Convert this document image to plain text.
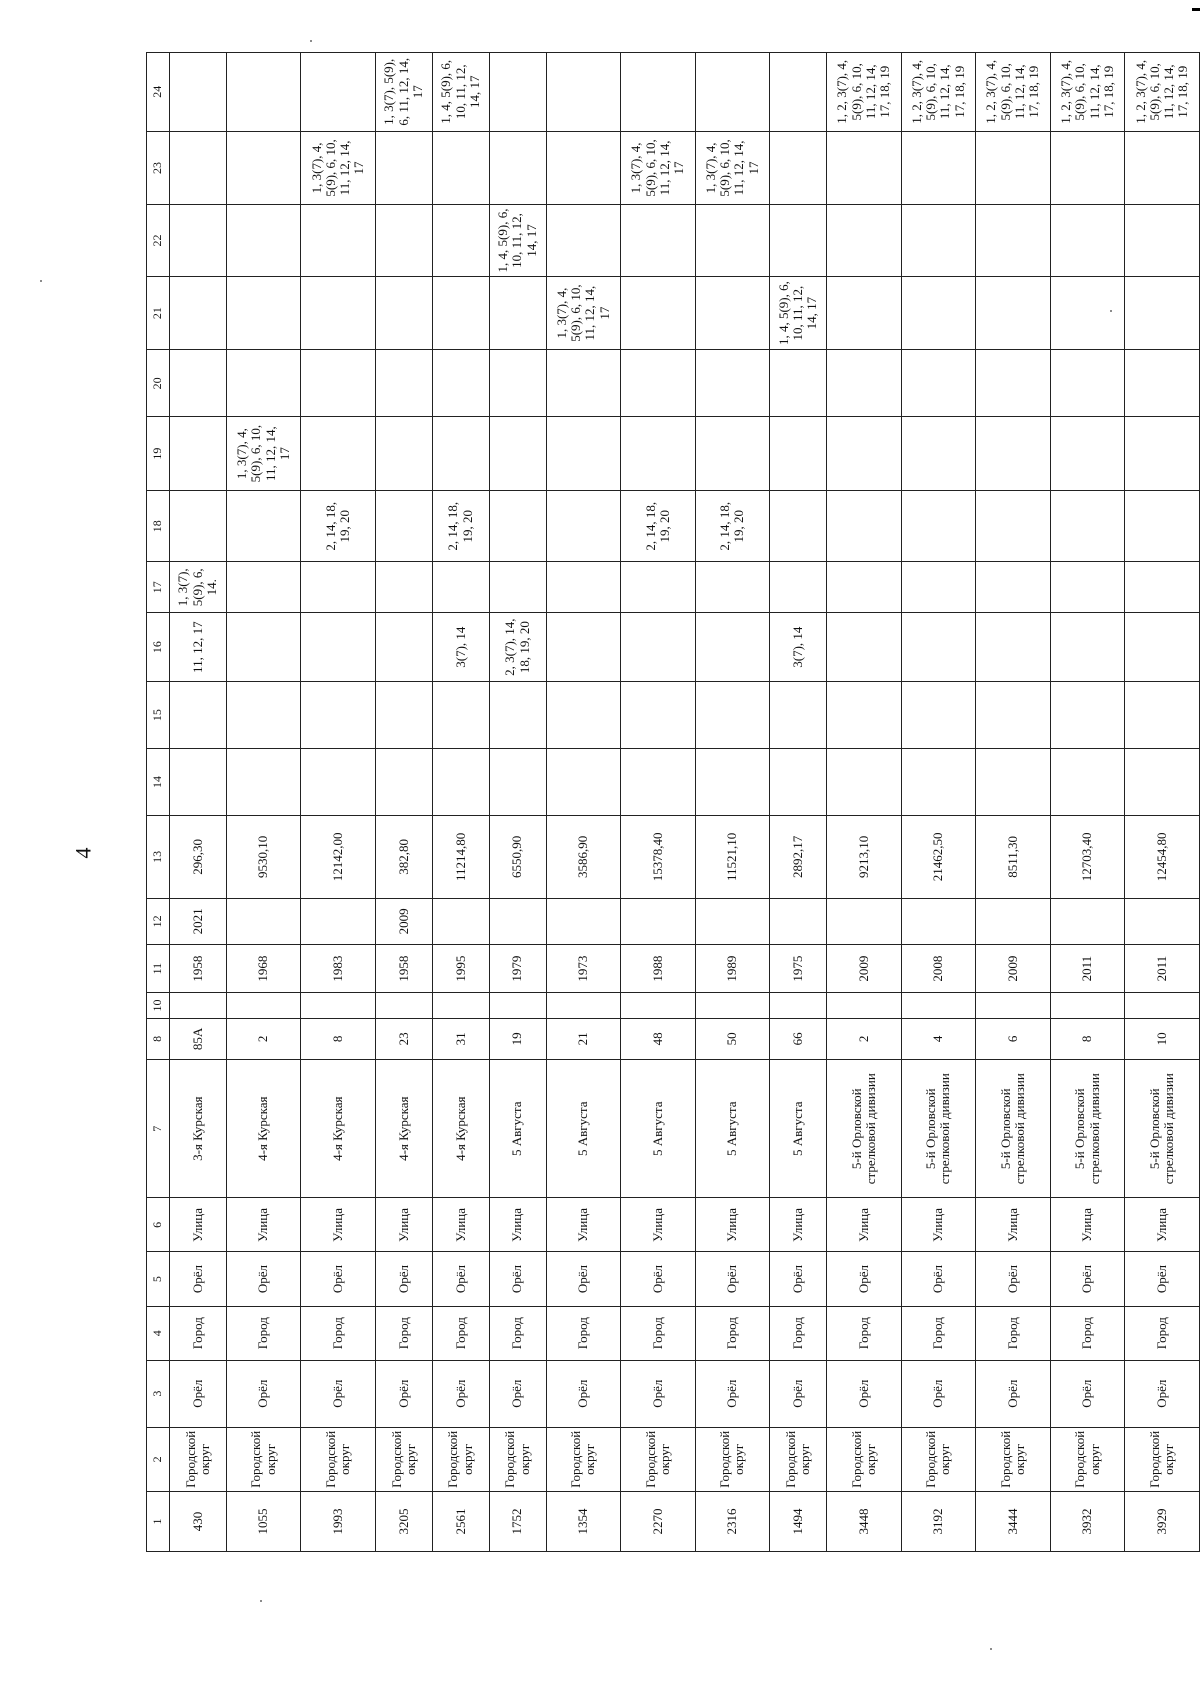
4
1	2	3	4	5	6	7	8	10	11	12	13	14	15	16	17	18	19	20	21	22	23	24
430	Городской округ	Орёл	Город	Орёл	Улица	3-я Курская	85А		1958	2021	296,30			11, 12, 17	1, 3(7), 5(9), 6, 14.							
1055	Городской округ	Орёл	Город	Орёл	Улица	4-я Курская	2		1968		9530,10						1, 3(7), 4, 5(9), 6, 10, 11, 12, 14, 17					
1993	Городской округ	Орёл	Город	Орёл	Улица	4-я Курская	8		1983		12142,00					2, 14, 18, 19, 20					1, 3(7), 4, 5(9), 6, 10, 11, 12, 14, 17	
3205	Городской округ	Орёл	Город	Орёл	Улица	4-я Курская	23		1958	2009	382,80											1, 3(7), 5(9), 6, 11, 12, 14, 17
2561	Городской округ	Орёл	Город	Орёл	Улица	4-я Курская	31		1995		11214,80			3(7), 14		2, 14, 18, 19, 20						1, 4, 5(9), 6, 10, 11, 12, 14, 17
1752	Городской округ	Орёл	Город	Орёл	Улица	5 Августа	19		1979		6550,90			2, 3(7), 14, 18, 19, 20						1, 4, 5(9), 6, 10, 11, 12, 14, 17		
1354	Городской округ	Орёл	Город	Орёл	Улица	5 Августа	21		1973		3586,90								1, 3(7), 4, 5(9), 6, 10, 11, 12, 14, 17			
2270	Городской округ	Орёл	Город	Орёл	Улица	5 Августа	48		1988		15378,40					2, 14, 18, 19, 20					1, 3(7), 4, 5(9), 6, 10, 11, 12, 14, 17	
2316	Городской округ	Орёл	Город	Орёл	Улица	5 Августа	50		1989		11521,10					2, 14, 18, 19, 20					1, 3(7), 4, 5(9), 6, 10, 11, 12, 14, 17	
1494	Городской округ	Орёл	Город	Орёл	Улица	5 Августа	66		1975		2892,17			3(7), 14					1, 4, 5(9), 6, 10, 11, 12, 14, 17			
3448	Городской округ	Орёл	Город	Орёл	Улица	5-й Орловской стрелковой дивизии	2		2009		9213,10											1, 2, 3(7), 4, 5(9), 6, 10, 11, 12, 14, 17, 18, 19
3192	Городской округ	Орёл	Город	Орёл	Улица	5-й Орловской стрелковой дивизии	4		2008		21462,50											1, 2, 3(7), 4, 5(9), 6, 10, 11, 12, 14, 17, 18, 19
3444	Городской округ	Орёл	Город	Орёл	Улица	5-й Орловской стрелковой дивизии	6		2009		8511,30											1, 2, 3(7), 4, 5(9), 6, 10, 11, 12, 14, 17, 18, 19
3932	Городской округ	Орёл	Город	Орёл	Улица	5-й Орловской стрелковой дивизии	8		2011		12703,40											1, 2, 3(7), 4, 5(9), 6, 10, 11, 12, 14, 17, 18, 19
3929	Городской округ	Орёл	Город	Орёл	Улица	5-й Орловской стрелковой дивизии	10		2011		12454,80											1, 2, 3(7), 4, 5(9), 6, 10, 11, 12, 14, 17, 18, 19
